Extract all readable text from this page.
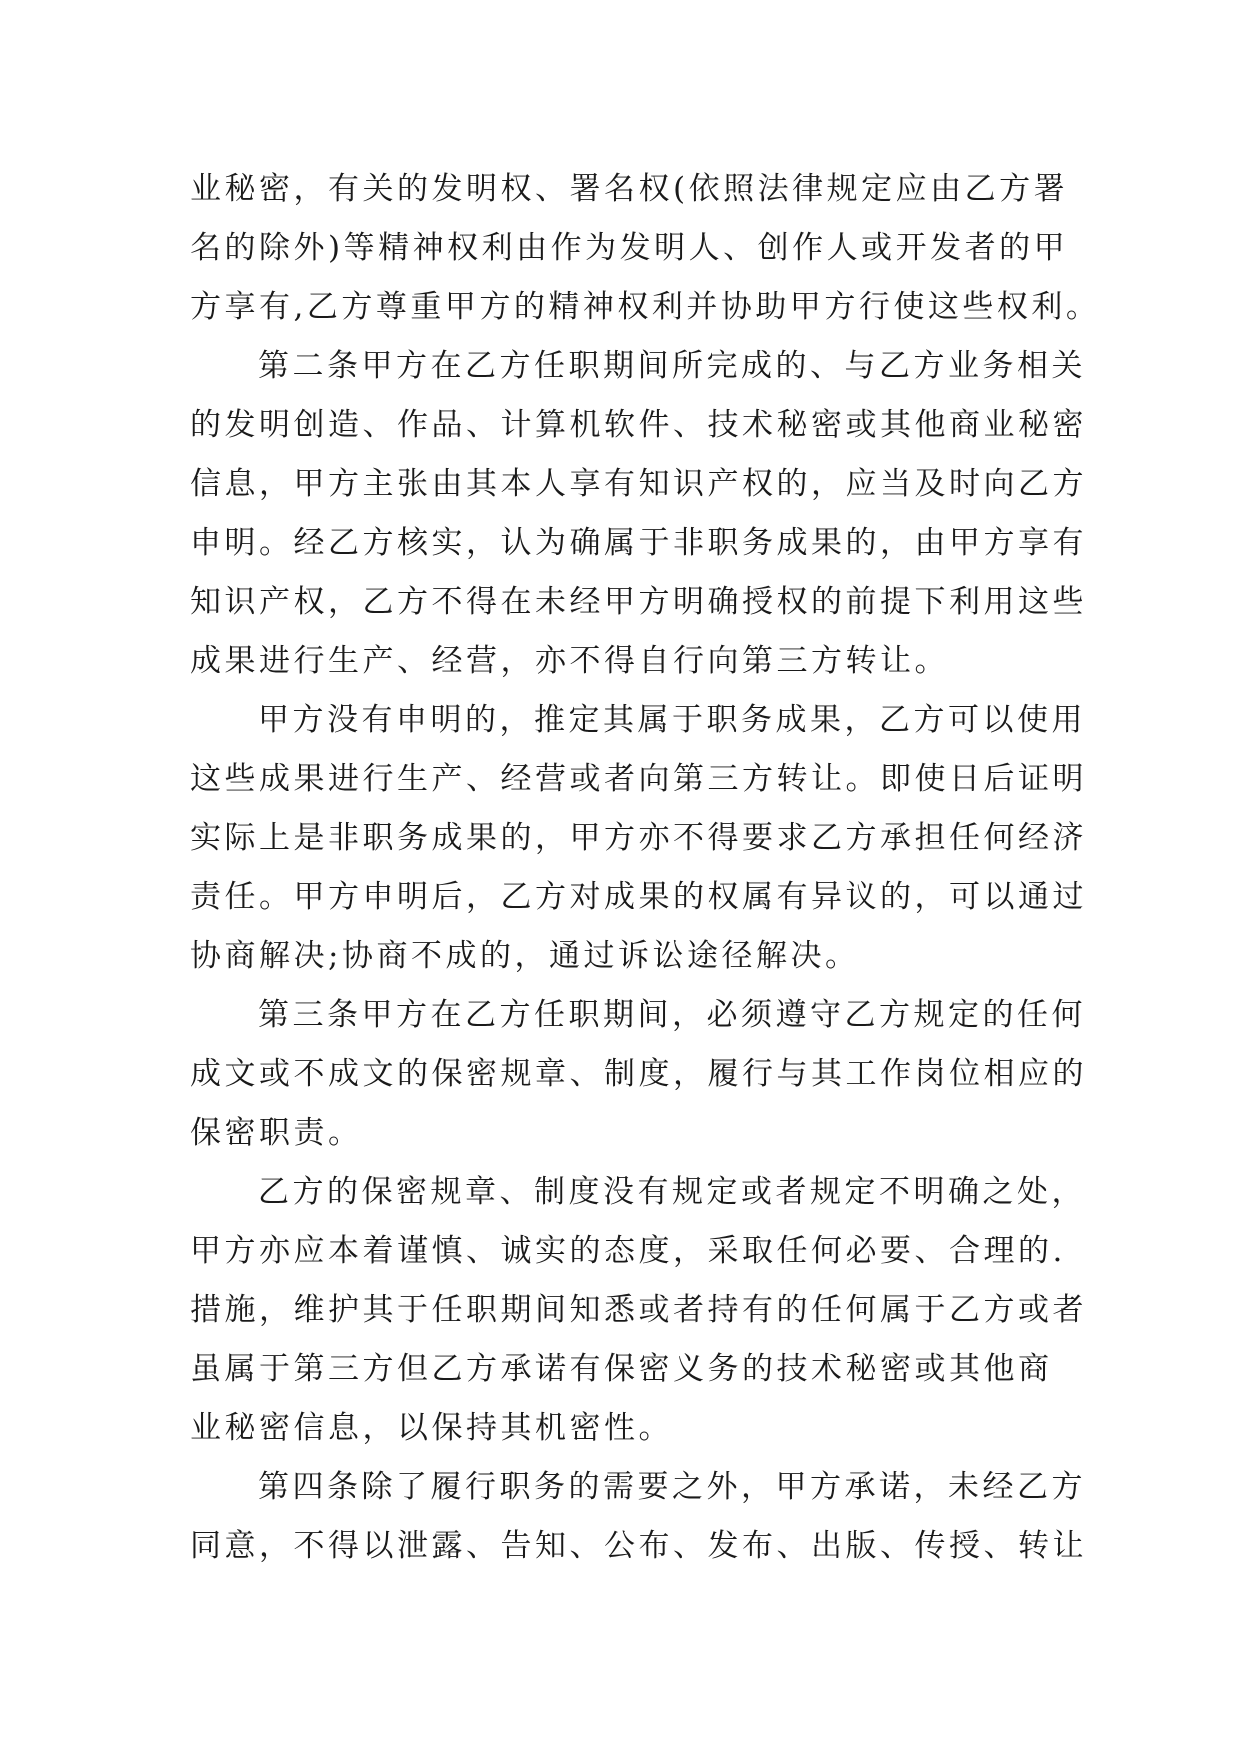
业秘密，有关的发明权、署名权(依照法律规定应由乙方署
名的除外)等精神权利由作为发明人、创作人或开发者的甲
方享有,乙方尊重甲方的精神权利并协助甲方行使这些权利。
第二条甲方在乙方任职期间所完成的、与乙方业务相关
的发明创造、作品、计算机软件、技术秘密或其他商业秘密
信息，甲方主张由其本人享有知识产权的，应当及时向乙方
申明。经乙方核实，认为确属于非职务成果的，由甲方享有
知识产权，乙方不得在未经甲方明确授权的前提下利用这些
成果进行生产、经营，亦不得自行向第三方转让。
甲方没有申明的，推定其属于职务成果，乙方可以使用
这些成果进行生产、经营或者向第三方转让。即使日后证明
实际上是非职务成果的，甲方亦不得要求乙方承担任何经济
责任。甲方申明后，乙方对成果的权属有异议的，可以通过
协商解决;协商不成的，通过诉讼途径解决。
第三条甲方在乙方任职期间，必须遵守乙方规定的任何
成文或不成文的保密规章、制度，履行与其工作岗位相应的
保密职责。
乙方的保密规章、制度没有规定或者规定不明确之处，
甲方亦应本着谨慎、诚实的态度，采取任何必要、合理的.
措施，维护其于任职期间知悉或者持有的任何属于乙方或者
虽属于第三方但乙方承诺有保密义务的技术秘密或其他商
业秘密信息，以保持其机密性。
第四条除了履行职务的需要之外，甲方承诺，未经乙方
同意，不得以泄露、告知、公布、发布、出版、传授、转让
